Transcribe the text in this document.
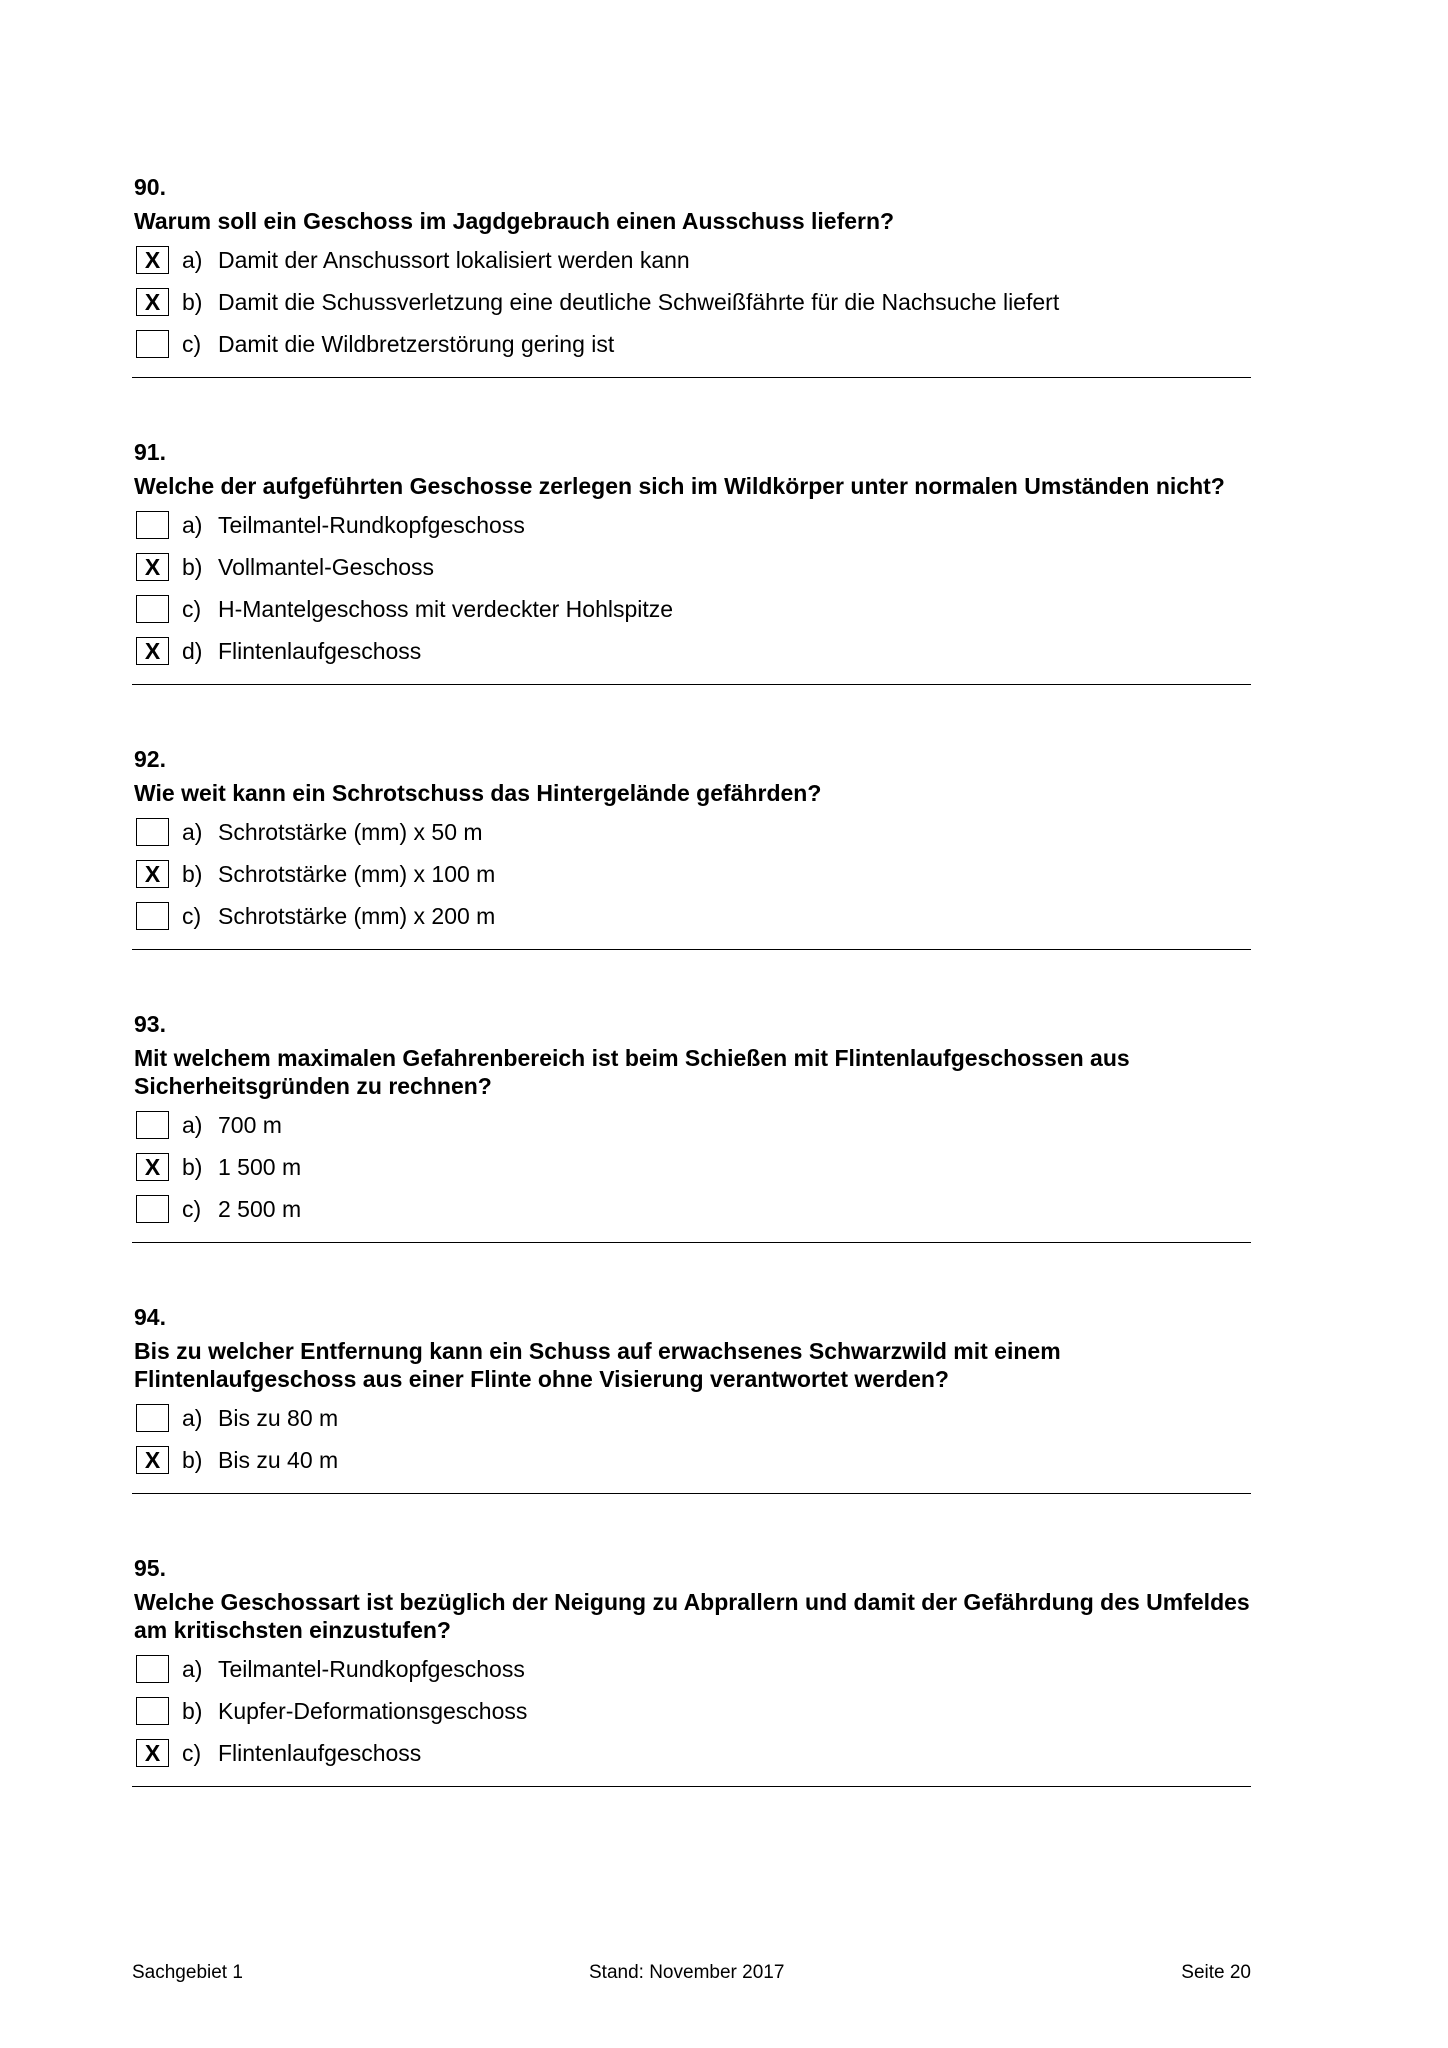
90.
Warum soll ein Geschoss im Jagdgebrauch einen Ausschuss liefern?
X a) Damit der Anschussort lokalisiert werden kann
X b) Damit die Schussverletzung eine deutliche Schweißfährte für die Nachsuche liefert
c) Damit die Wildbretzerstörung gering ist
91.
Welche der aufgeführten Geschosse zerlegen sich im Wildkörper unter normalen Umständen nicht?
a) Teilmantel-Rundkopfgeschoss
X b) Vollmantel-Geschoss
c) H-Mantelgeschoss mit verdeckter Hohlspitze
X d) Flintenlaufgeschoss
92.
Wie weit kann ein Schrotschuss das Hintergelände gefährden?
a) Schrotstärke (mm) x 50 m
X b) Schrotstärke (mm) x 100 m
c) Schrotstärke (mm) x 200 m
93.
Mit welchem maximalen Gefahrenbereich ist beim Schießen mit Flintenlaufgeschossen aus Sicherheitsgründen zu rechnen?
a) 700 m
X b) 1 500 m
c) 2 500 m
94.
Bis zu welcher Entfernung kann ein Schuss auf erwachsenes Schwarzwild mit einem Flintenlaufgeschoss aus einer Flinte ohne Visierung verantwortet werden?
a) Bis zu 80 m
X b) Bis zu 40 m
95.
Welche Geschossart ist bezüglich der Neigung zu Abprallern und damit der Gefährdung des Umfeldes am kritischsten einzustufen?
a) Teilmantel-Rundkopfgeschoss
b) Kupfer-Deformationsgeschoss
X c) Flintenlaufgeschoss
Sachgebiet 1	Stand: November 2017	Seite 20
